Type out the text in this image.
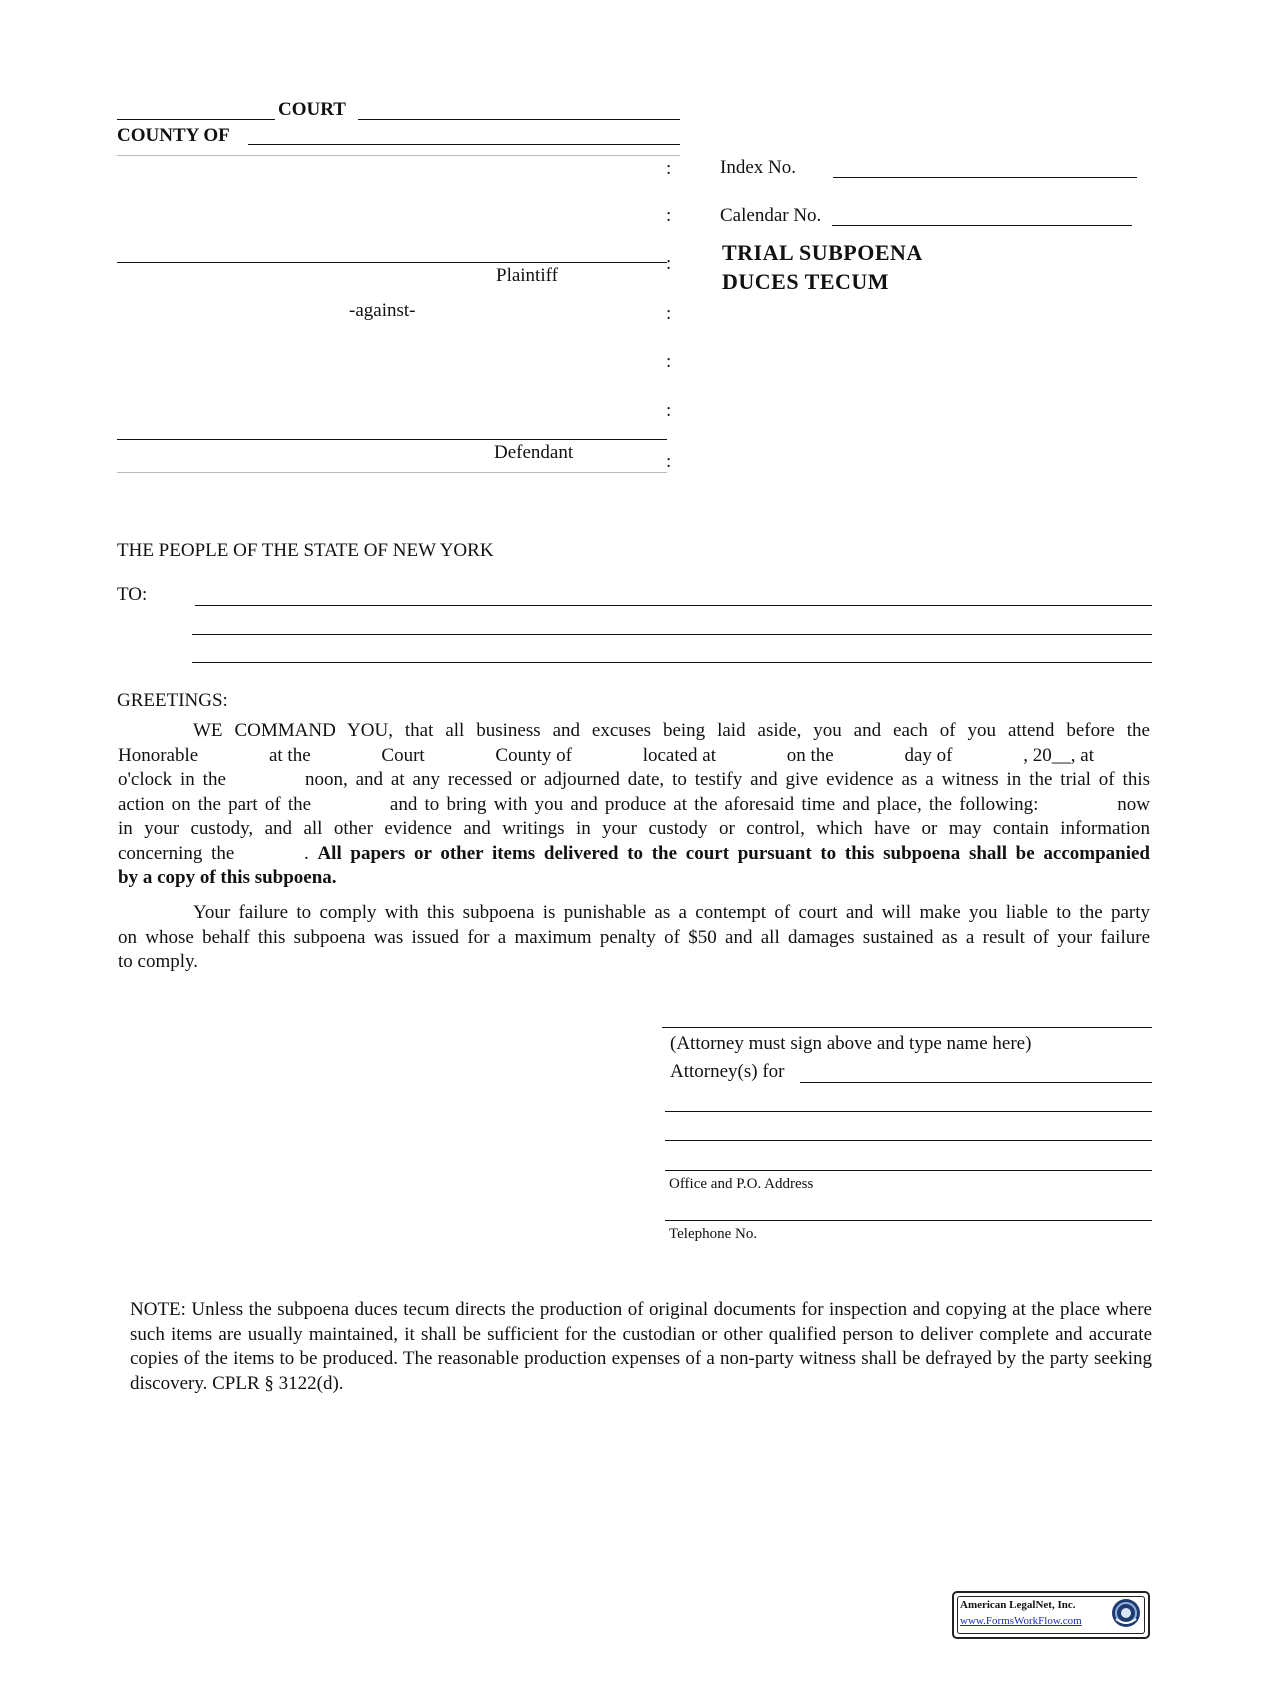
COURT
COUNTY OF
:
:
:
Plaintiff
-against-	:
:
:
Defendant	:
Index No.
Calendar No.
TRIAL SUBPOENA
DUCES TECUM
THE PEOPLE OF THE STATE OF NEW YORK
TO:
GREETINGS:
WE COMMAND YOU, that all business and excuses being laid aside, you and each of you attend before the
Honorable	at the	Court	County of	located at	on the	day of	, 20__, at
o'clock in the          noon, and at any recessed or adjourned date, to testify and give evidence as a witness in the trial of this
action on the part of the           and to bring with you and produce at the aforesaid time and place, the following:           now
in your custody, and all other evidence and writings in your custody or control, which have or may contain information
concerning the        . All papers or other items delivered to the court pursuant to this subpoena shall be accompanied
by a copy of this subpoena.
Your failure to comply with this subpoena is punishable as a contempt of court and will make you liable to the party
on whose behalf this subpoena was issued for a maximum penalty of $50 and all damages sustained as a result of your failure
to comply.
(Attorney must sign above and type name here)
Attorney(s) for
Office and P.O. Address
Telephone No.
NOTE: Unless the subpoena duces tecum directs the production of original documents for inspection and copying at the place where such items are usually maintained, it shall be sufficient for the custodian or other qualified person to deliver complete and accurate copies of the items to be produced. The reasonable production expenses of a non-party witness shall be defrayed by the party seeking discovery. CPLR § 3122(d).
American LegalNet, Inc.
www.FormsWorkFlow.com
